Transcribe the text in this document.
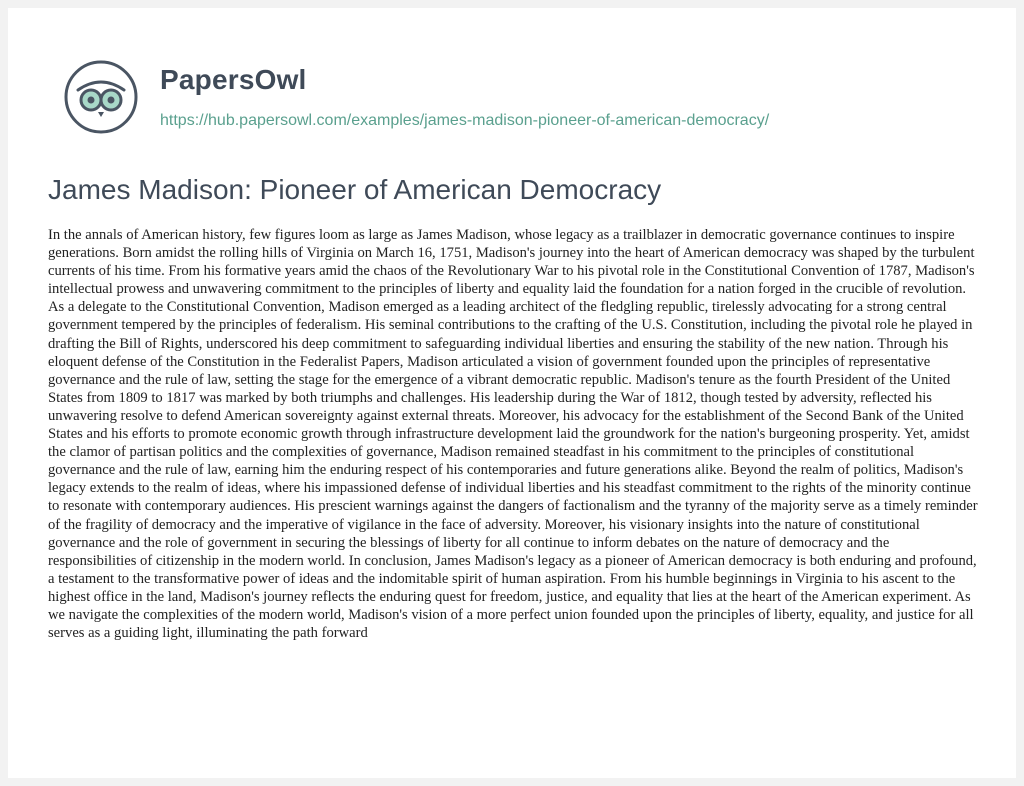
PapersOwl
https://hub.papersowl.com/examples/james-madison-pioneer-of-american-democracy/
James Madison: Pioneer of American Democracy

In the annals of American history, few figures loom as large as James Madison, whose legacy as a trailblazer in democratic governance continues to inspire generations. Born amidst the rolling hills of Virginia on March 16, 1751, Madison's journey into the heart of American democracy was shaped by the turbulent currents of his time. From his formative years amid the chaos of the Revolutionary War to his pivotal role in the Constitutional Convention of 1787, Madison's intellectual prowess and unwavering commitment to the principles of liberty and equality laid the foundation for a nation forged in the crucible of revolution. As a delegate to the Constitutional Convention, Madison emerged as a leading architect of the fledgling republic, tirelessly advocating for a strong central government tempered by the principles of federalism. His seminal contributions to the crafting of the U.S. Constitution, including the pivotal role he played in drafting the Bill of Rights, underscored his deep commitment to safeguarding individual liberties and ensuring the stability of the new nation. Through his eloquent defense of the Constitution in the Federalist Papers, Madison articulated a vision of government founded upon the principles of representative governance and the rule of law, setting the stage for the emergence of a vibrant democratic republic. Madison's tenure as the fourth President of the United States from 1809 to 1817 was marked by both triumphs and challenges. His leadership during the War of 1812, though tested by adversity, reflected his unwavering resolve to defend American sovereignty against external threats. Moreover, his advocacy for the establishment of the Second Bank of the United States and his efforts to promote economic growth through infrastructure development laid the groundwork for the nation's burgeoning prosperity. Yet, amidst the clamor of partisan politics and the complexities of governance, Madison remained steadfast in his commitment to the principles of constitutional governance and the rule of law, earning him the enduring respect of his contemporaries and future generations alike. Beyond the realm of politics, Madison's legacy extends to the realm of ideas, where his impassioned defense of individual liberties and his steadfast commitment to the rights of the minority continue to resonate with contemporary audiences. His prescient warnings against the dangers of factionalism and the tyranny of the majority serve as a timely reminder of the fragility of democracy and the imperative of vigilance in the face of adversity. Moreover, his visionary insights into the nature of constitutional governance and the role of government in securing the blessings of liberty for all continue to inform debates on the nature of democracy and the responsibilities of citizenship in the modern world. In conclusion, James Madison's legacy as a pioneer of American democracy is both enduring and profound, a testament to the transformative power of ideas and the indomitable spirit of human aspiration. From his humble beginnings in Virginia to his ascent to the highest office in the land, Madison's journey reflects the enduring quest for freedom, justice, and equality that lies at the heart of the American experiment. As we navigate the complexities of the modern world, Madison's vision of a more perfect union founded upon the principles of liberty, equality, and justice for all serves as a guiding light, illuminating the path forward
